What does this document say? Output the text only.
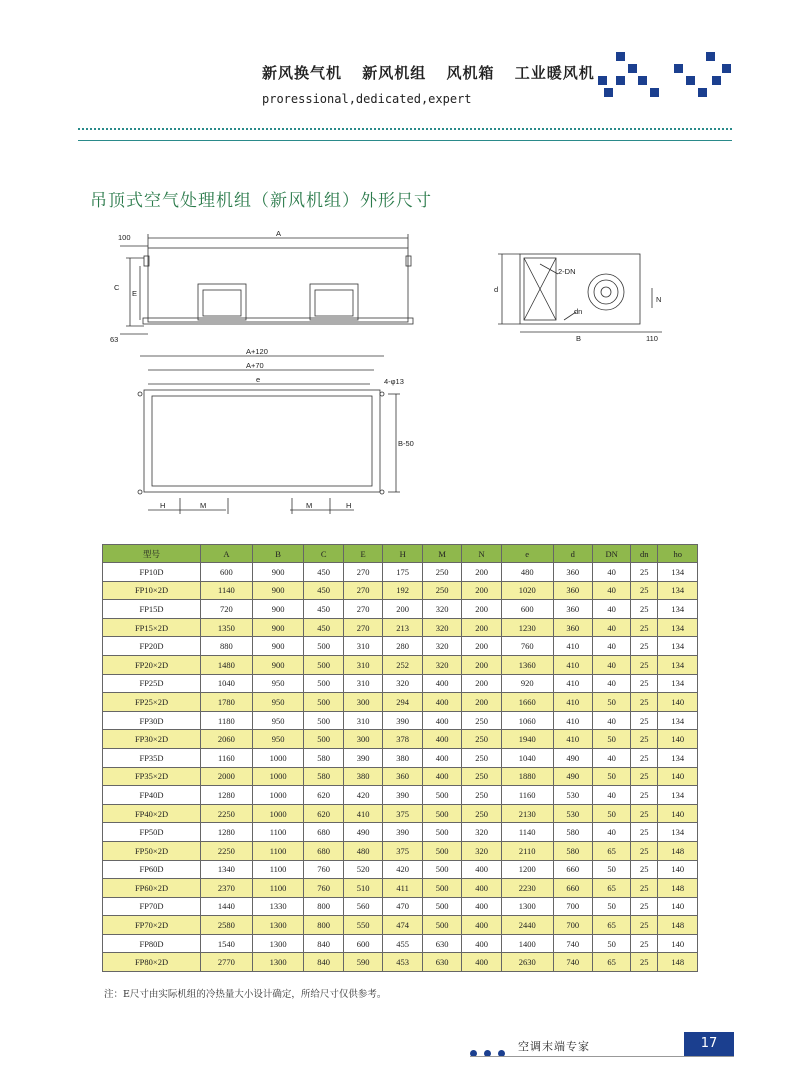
新风换气机 新风机组 风机箱 工业暖风机
proressional,dedicated,expert
吊顶式空气处理机组（新风机组）外形尺寸
100	A
C
E
63
2-DN
d
dn
N
B	110
A+120
A+70
e	4-φ13
B-50
H	M	M	H
型号	A	B	C	E	H	M	N	e	d	DN	dn	ho
FP10D	600	900	450	270	175	250	200	480	360	40	25	134
FP10×2D	1140	900	450	270	192	250	200	1020	360	40	25	134
FP15D	720	900	450	270	200	320	200	600	360	40	25	134
FP15×2D	1350	900	450	270	213	320	200	1230	360	40	25	134
FP20D	880	900	500	310	280	320	200	760	410	40	25	134
FP20×2D	1480	900	500	310	252	320	200	1360	410	40	25	134
FP25D	1040	950	500	310	320	400	200	920	410	40	25	134
FP25×2D	1780	950	500	300	294	400	200	1660	410	50	25	140
FP30D	1180	950	500	310	390	400	250	1060	410	40	25	134
FP30×2D	2060	950	500	300	378	400	250	1940	410	50	25	140
FP35D	1160	1000	580	390	380	400	250	1040	490	40	25	134
FP35×2D	2000	1000	580	380	360	400	250	1880	490	50	25	140
FP40D	1280	1000	620	420	390	500	250	1160	530	40	25	134
FP40×2D	2250	1000	620	410	375	500	250	2130	530	50	25	140
FP50D	1280	1100	680	490	390	500	320	1140	580	40	25	134
FP50×2D	2250	1100	680	480	375	500	320	2110	580	65	25	148
FP60D	1340	1100	760	520	420	500	400	1200	660	50	25	140
FP60×2D	2370	1100	760	510	411	500	400	2230	660	65	25	148
FP70D	1440	1330	800	560	470	500	400	1300	700	50	25	140
FP70×2D	2580	1300	800	550	474	500	400	2440	700	65	25	148
FP80D	1540	1300	840	600	455	630	400	1400	740	50	25	140
FP80×2D	2770	1300	840	590	453	630	400	2630	740	65	25	148
注：E尺寸由实际机组的冷热量大小设计确定，所给尺寸仅供参考。
空调末端专家	17
